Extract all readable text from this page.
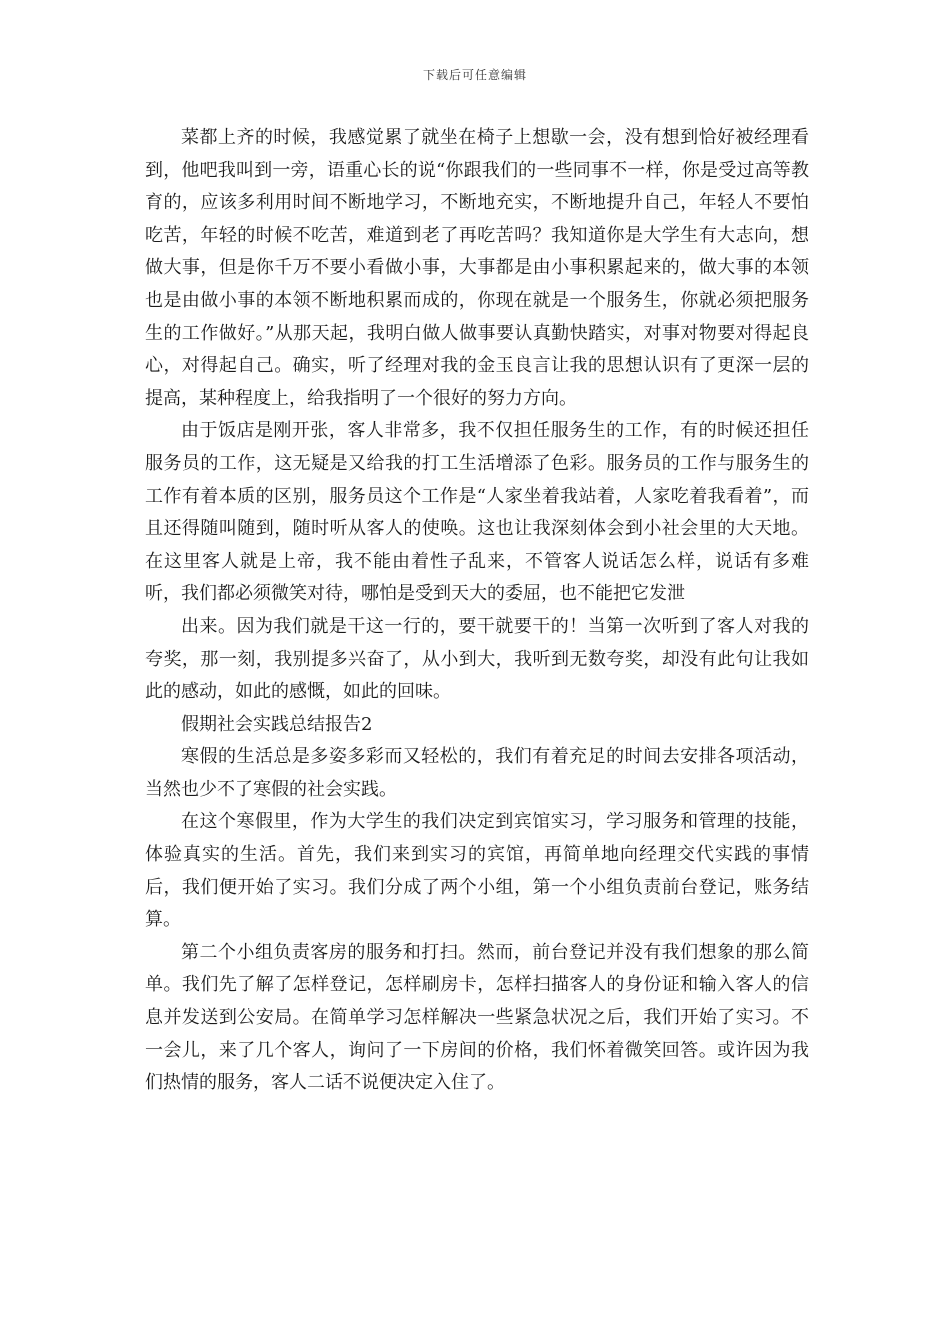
下载后可任意编辑

菜都上齐的时候，我感觉累了就坐在椅子上想歇一会，没有想到恰好被经理看到，他吧我叫到一旁，语重心长的说“你跟我们的一些同事不一样，你是受过高等教育的，应该多利用时间不断地学习，不断地充实，不断地提升自己，年轻人不要怕吃苦，年轻的时候不吃苦，难道到老了再吃苦吗？我知道你是大学生有大志向，想做大事，但是你千万不要小看做小事，大事都是由小事积累起来的，做大事的本领也是由做小事的本领不断地积累而成的，你现在就是一个服务生，你就必须把服务生的工作做好。”从那天起，我明白做人做事要认真勤快踏实，对事对物要对得起良心，对得起自己。确实，听了经理对我的金玉良言让我的思想认识有了更深一层的提高，某种程度上，给我指明了一个很好的努力方向。

由于饭店是刚开张，客人非常多，我不仅担任服务生的工作，有的时候还担任服务员的工作，这无疑是又给我的打工生活增添了色彩。服务员的工作与服务生的工作有着本质的区别，服务员这个工作是“人家坐着我站着，人家吃着我看着”，而且还得随叫随到，随时听从客人的使唤。这也让我深刻体会到小社会里的大天地。在这里客人就是上帝，我不能由着性子乱来，不管客人说话怎么样，说话有多难听，我们都必须微笑对待，哪怕是受到天大的委屈，也不能把它发泄

出来。因为我们就是干这一行的，要干就要干的！当第一次听到了客人对我的夸奖，那一刻，我别提多兴奋了，从小到大，我听到无数夸奖，却没有此句让我如此的感动，如此的感慨，如此的回味。

假期社会实践总结报告2

寒假的生活总是多姿多彩而又轻松的，我们有着充足的时间去安排各项活动，当然也少不了寒假的社会实践。

在这个寒假里，作为大学生的我们决定到宾馆实习，学习服务和管理的技能，体验真实的生活。首先，我们来到实习的宾馆，再简单地向经理交代实践的事情后，我们便开始了实习。我们分成了两个小组，第一个小组负责前台登记，账务结算。

第二个小组负责客房的服务和打扫。然而，前台登记并没有我们想象的那么简单。我们先了解了怎样登记，怎样刷房卡，怎样扫描客人的身份证和输入客人的信息并发送到公安局。在简单学习怎样解决一些紧急状况之后，我们开始了实习。不一会儿，来了几个客人，询问了一下房间的价格，我们怀着微笑回答。或许因为我们热情的服务，客人二话不说便决定入住了。
